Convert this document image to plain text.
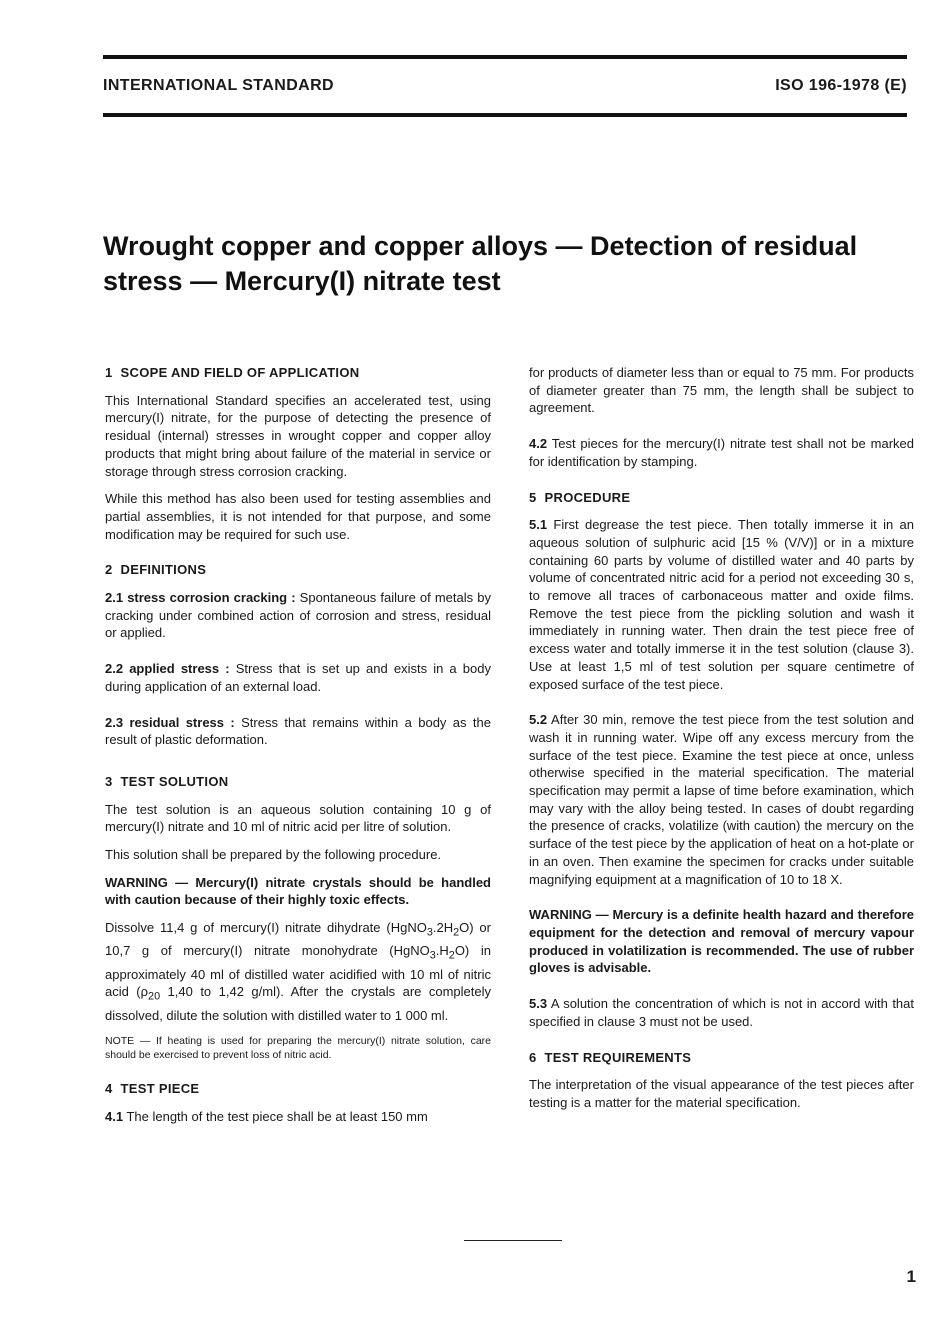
INTERNATIONAL STANDARD	ISO 196-1978 (E)
Wrought copper and copper alloys — Detection of residual
stress — Mercury(I) nitrate test
1 SCOPE AND FIELD OF APPLICATION

This International Standard specifies an accelerated test, using mercury(I) nitrate, for the purpose of detecting the presence of residual (internal) stresses in wrought copper and copper alloy products that might bring about failure of the material in service or storage through stress corrosion cracking.

While this method has also been used for testing assemblies and partial assemblies, it is not intended for that purpose, and some modification may be required for such use.

2 DEFINITIONS

2.1 stress corrosion cracking : Spontaneous failure of metals by cracking under combined action of corrosion and stress, residual or applied.

2.2 applied stress : Stress that is set up and exists in a body during application of an external load.

2.3 residual stress : Stress that remains within a body as the result of plastic deformation.

3 TEST SOLUTION

The test solution is an aqueous solution containing 10 g of mercury(I) nitrate and 10 ml of nitric acid per litre of solution.

This solution shall be prepared by the following procedure.

WARNING — Mercury(I) nitrate crystals should be handled with caution because of their highly toxic effects.

Dissolve 11,4 g of mercury(I) nitrate dihydrate $(HgNO_3.2H_2O)$ or 10,7 g of mercury(I) nitrate monohydrate $(HgNO_3.H_2O)$ in approximately 40 ml of distilled water acidified with 10 ml of nitric acid ($\rho_{20}$ 1,40 to 1,42 g/ml). After the crystals are completely dissolved, dilute the solution with distilled water to 1 000 ml.

NOTE — If heating is used for preparing the mercury(I) nitrate solution, care should be exercised to prevent loss of nitric acid.

4 TEST PIECE

4.1 The length of the test piece shall be at least 150 mm

for products of diameter less than or equal to 75 mm. For products of diameter greater than 75 mm, the length shall be subject to agreement.

4.2 Test pieces for the mercury(I) nitrate test shall not be marked for identification by stamping.

5 PROCEDURE

5.1 First degrease the test piece. Then totally immerse it in an aqueous solution of sulphuric acid [15 % (V/V)] or in a mixture containing 60 parts by volume of distilled water and 40 parts by volume of concentrated nitric acid for a period not exceeding 30 s, to remove all traces of carbonaceous matter and oxide films. Remove the test piece from the pickling solution and wash it immediately in running water. Then drain the test piece free of excess water and totally immerse it in the test solution (clause 3). Use at least 1,5 ml of test solution per square centimetre of exposed surface of the test piece.

5.2 After 30 min, remove the test piece from the test solution and wash it in running water. Wipe off any excess mercury from the surface of the test piece. Examine the test piece at once, unless otherwise specified in the material specification. The material specification may permit a lapse of time before examination, which may vary with the alloy being tested. In cases of doubt regarding the presence of cracks, volatilize (with caution) the mercury on the surface of the test piece by the application of heat on a hot-plate or in an oven. Then examine the specimen for cracks under suitable magnifying equipment at a magnification of 10 to 18 X.

WARNING — Mercury is a definite health hazard and therefore equipment for the detection and removal of mercury vapour produced in volatilization is recommended. The use of rubber gloves is advisable.

5.3 A solution the concentration of which is not in accord with that specified in clause 3 must not be used.

6 TEST REQUIREMENTS

The interpretation of the visual appearance of the test pieces after testing is a matter for the material specification.

1
